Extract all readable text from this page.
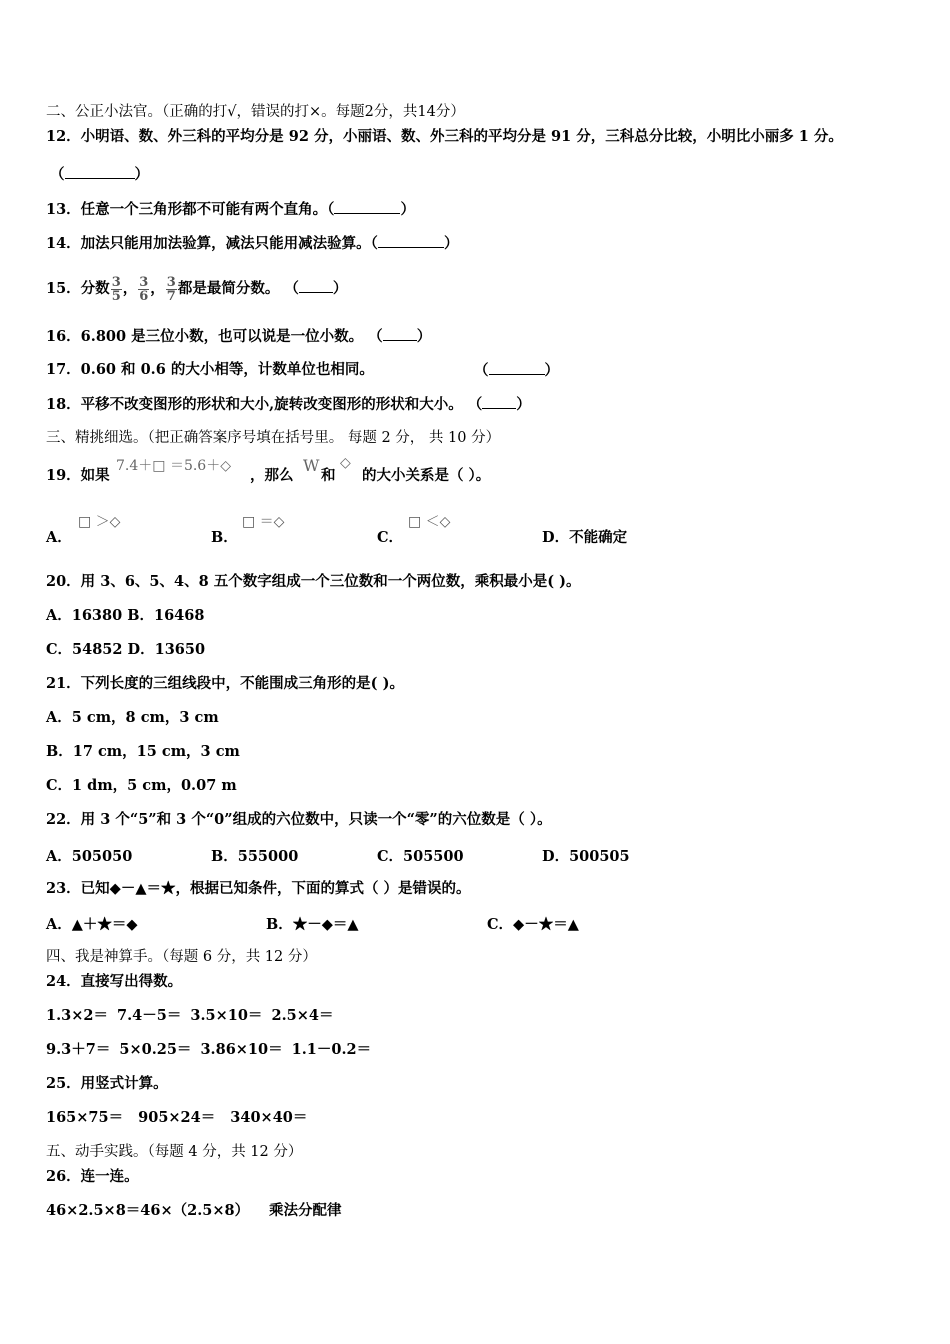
二、公正小法官。（正确的打√，错误的打×。每题2分，共14分）
12．小明语、数、外三科的平均分是 92 分，小丽语、数、外三科的平均分是 91 分，三科总分比较，小明比小丽多 1 分。
（	）
13．任意一个三角形都不可能有两个直角。（	）
14．加法只能用加法验算，减法只能用减法验算。（	）
15．分数 $\frac{3}{5}$ ， $\frac{3}{6}$ ， $\frac{3}{7}$ 都是最简分数。 （ ）
16．6.800 是三位小数，也可以说是一位小数。 （ ）
17．0.60 和 0.6 的大小相等，计数单位也相同。	（	）
18．平移不改变图形的形状和大小,旋转改变图形的形状和大小。 （ ）
三、精挑细选。（把正确答案序号填在括号里。 每题 2 分， 共 10 分）
19．如果
7.4＋□ ＝5.6＋◇
，那么
W
和
◇
的大小关系是（ ）。
A．
□ ＞◇
B．
□ ＝◇
C．
□ ＜◇
D．不能确定
20．用 3、6、5、4、8 五个数字组成一个三位数和一个两位数，乘积最小是( )。
A．16380 B．16468
C．54852 D．13650
21．下列长度的三组线段中，不能围成三角形的是( )。
A．5 cm，8 cm，3 cm
B．17 cm，15 cm，3 cm
C．1 dm，5 cm，0.07 m
22．用 3 个“5”和 3 个“0”组成的六位数中，只读一个“零”的六位数是（ ）。
A．505050	B．555000	C．505500	D．500505
23．已知◆－▲＝★，根据已知条件，下面的算式（ ）是错误的。
A．▲＋★＝◆	B．★－◆＝▲	C．◆－★＝▲
四、我是神算手。（每题 6 分，共 12 分）
24．直接写出得数。
1.3×2＝ 7.4－5＝ 3.5×10＝ 2.5×4＝
9.3＋7＝ 5×0.25＝ 3.86×10＝ 1.1－0.2＝
25．用竖式计算。
165×75＝ 905×24＝ 340×40＝
五、动手实践。（每题 4 分，共 12 分）
26．连一连。
46×2.5×8＝46×（2.5×8） 乘法分配律
